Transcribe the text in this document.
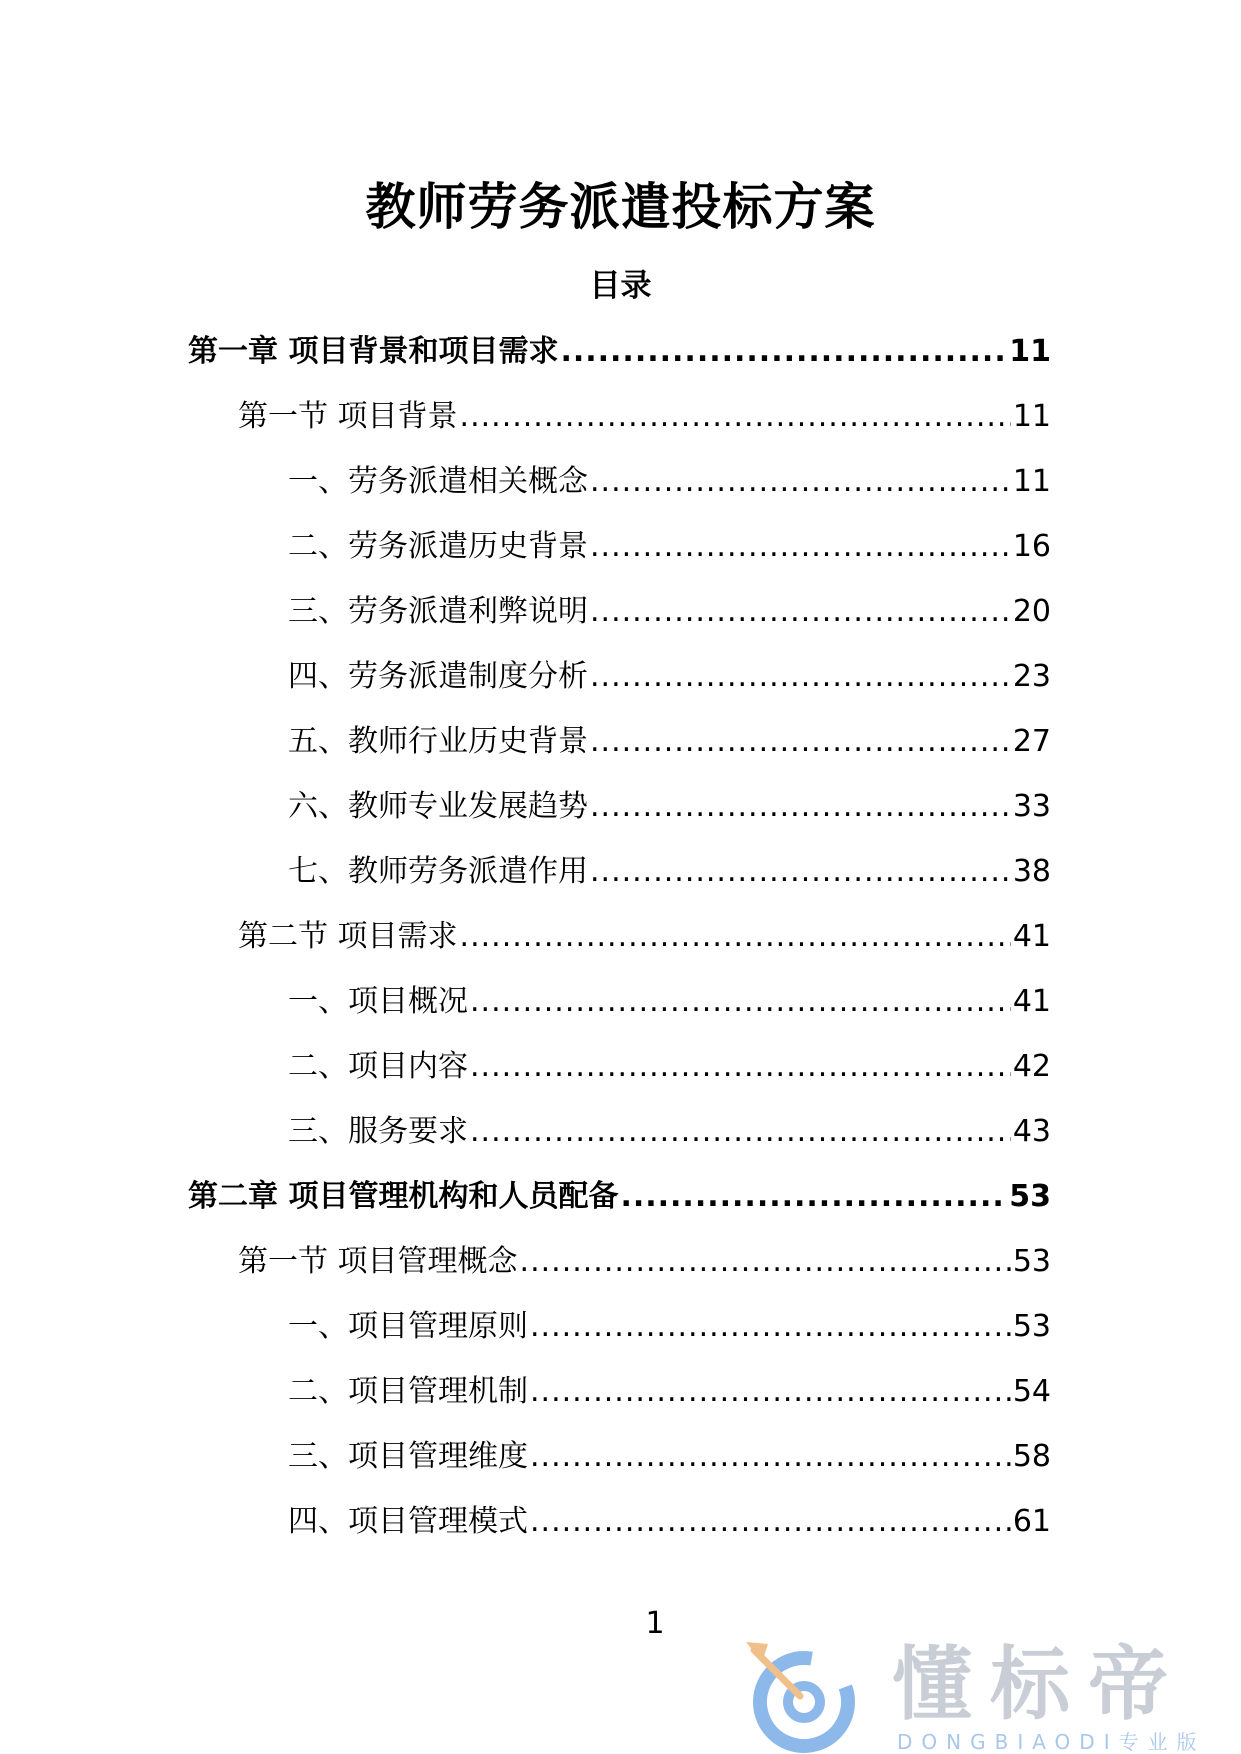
教师劳务派遣投标方案
目录
第一章 项目背景和项目需求 .....	11
第一节 项目背景 .....	11
一、劳务派遣相关概念 .....	11
二、劳务派遣历史背景 .....	16
三、劳务派遣利弊说明 .....	20
四、劳务派遣制度分析 .....	23
五、教师行业历史背景 .....	27
六、教师专业发展趋势 .....	33
七、教师劳务派遣作用 .....	38
第二节 项目需求 .....	41
一、项目概况 .....	41
二、项目内容 .....	42
三、服务要求 .....	43
第二章 项目管理机构和人员配备 .....	53
第一节 项目管理概念 .....	53
一、项目管理原则 .....	53
二、项目管理机制 .....	54
三、项目管理维度 .....	58
四、项目管理模式 .....	61
1
懂标帝
DONGBIAODI专业版
